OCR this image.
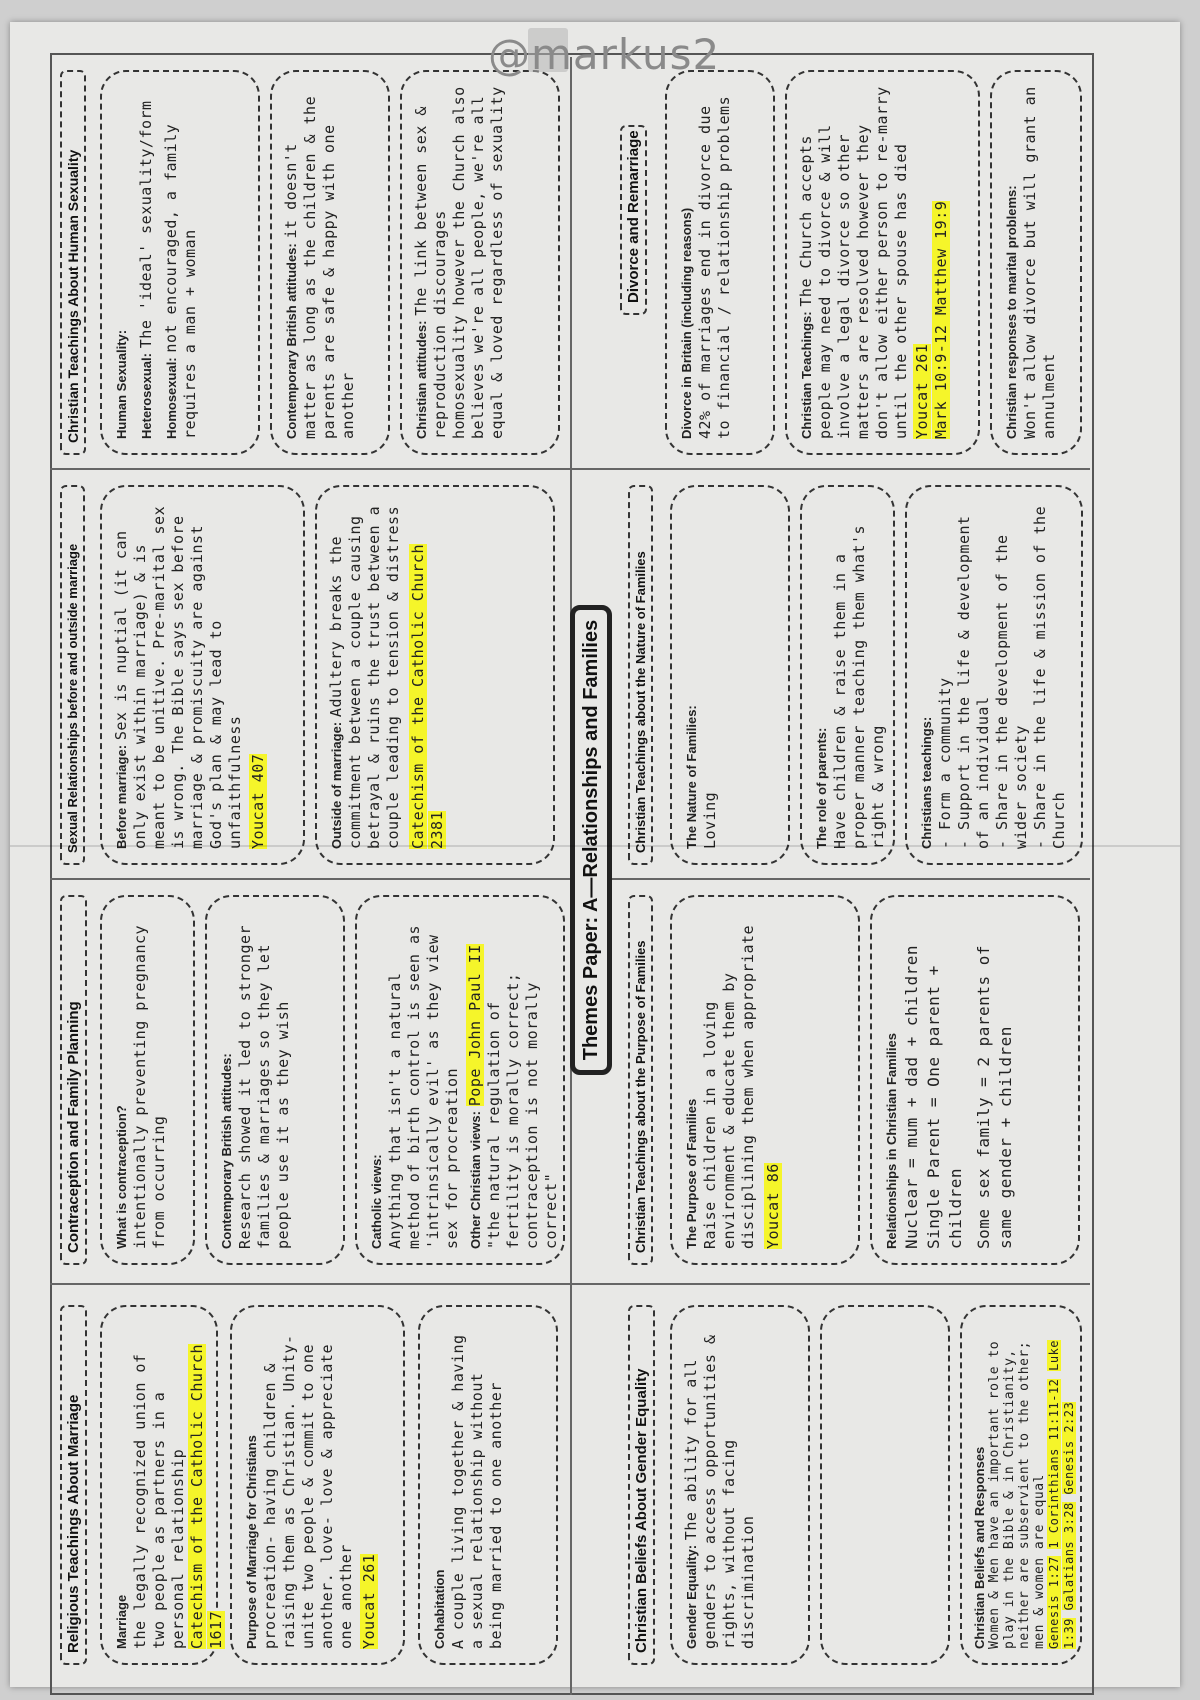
@markus2
Religious Teachings About Marriage	Marriage the legally recognized union of two people as partners in a personal relationship Catechism of the Catholic Church 1617 Purpose of Marriage for Christians procreation- having children & raising them as Christian. Unity- unite two people & commit to one another. love- love & appreciate one another Youcat 261	Cohabitation A couple living together & having a sexual relationship without being married to one another
Contraception and Family Planning	What is contraception? intentionally preventing pregnancy from occurring	Contemporary British attitudes: Research showed it led to stronger families & marriages so they let people use it as they wish	Catholic views: Anything that isn't a natural method of birth control is seen as 'intrinsically evil' as they view sex for procreation Other Christian views: Pope John Paul II "the natural regulation of fertility is morally correct; contraception is not morally correct"
Sexual Relationships before and outside marriage	Before marriage: Sex is nuptial (it can only exist within marriage) & is meant to be unitive. Pre-marital sex is wrong. The Bible says sex before marriage & promiscuity are against God's plan & may lead to unfaithfulness Youcat 407	Outside of marriage: Adultery breaks the commitment between a couple causing betrayal & ruins the trust between a couple leading to tension & distress Catechism of the Catholic Church 2381
Christian Teachings About Human Sexuality	Human Sexuality: Heterosexual: The 'ideal' sexuality/form
Homosexual: not encouraged, a family requires a man + woman	Contemporary British attitudes: it doesn't matter as long as the children & the parents are safe & happy with one another	Christian attitudes: The link between sex & reproduction discourages homosexuality however the Church also believes we're all people, we're all equal & loved regardless of sexuality
Themes Paper: A—Relationships and Families
Christian Beliefs About Gender Equality	Gender Equality: The ability for all genders to access opportunities & rights, without facing discrimination	Christian Beliefs and Responses Women & Men have an important role to play in the Bible & in Christianity, neither are subservient to the other; men & women are equal Genesis 1:27 1 Corinthians 11:11-12 Luke 1:39 Galatians 3:28 Genesis 2:23
Christian Teachings about the Purpose of Families	The Purpose of Families Raise children in a loving environment & educate them by disciplining them when appropriate Youcat 86	Relationships in Christian Families Nuclear = mum + dad + children Single Parent = One parent + children Some sex family = 2 parents of same gender + children
Christian Teachings about the Nature of Families	The Nature of Families: Loving	The role of parents: Have children & raise them in a proper manner teaching them what's right & wrong Christians teachings: - Form a community - Support in the life & development of an individual - Share in the development of the wider society - Share in the life & mission of the Church
Divorce and Remarriage	Divorce in Britain (including reasons) 42% of marriages end in divorce due to financial / relationship problems	Christian Teachings: The Church accepts people may need to divorce & will involve a legal divorce so other matters are resolved however they don't allow either person to re-marry until the other spouse has died Youcat 261 Mark 10:9-12 Matthew 19:9	Christian responses to marital problems: Won't allow divorce but will grant an annulment
